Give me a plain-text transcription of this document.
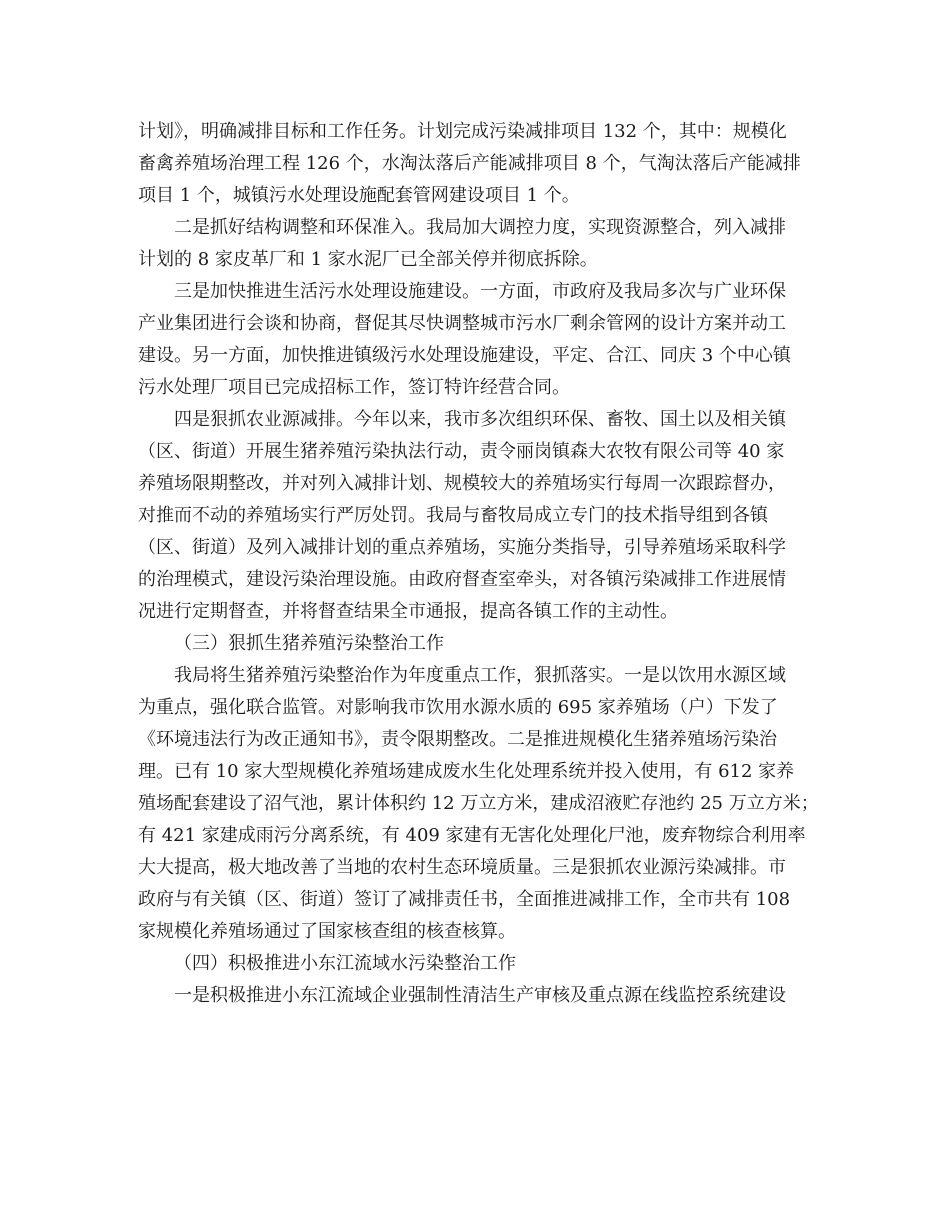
计划》，明确减排目标和工作任务。计划完成污染减排项目 132 个，其中：规模化
畜禽养殖场治理工程 126 个，水淘汰落后产能减排项目 8 个，气淘汰落后产能减排
项目 1 个，城镇污水处理设施配套管网建设项目 1 个。
二是抓好结构调整和环保准入。我局加大调控力度，实现资源整合，列入减排
计划的 8 家皮革厂和 1 家水泥厂已全部关停并彻底拆除。
三是加快推进生活污水处理设施建设。一方面，市政府及我局多次与广业环保
产业集团进行会谈和协商，督促其尽快调整城市污水厂剩余管网的设计方案并动工
建设。另一方面，加快推进镇级污水处理设施建设，平定、合江、同庆 3 个中心镇
污水处理厂项目已完成招标工作，签订特许经营合同。
四是狠抓农业源减排。今年以来，我市多次组织环保、畜牧、国土以及相关镇
（区、街道）开展生猪养殖污染执法行动，责令丽岗镇森大农牧有限公司等 40 家
养殖场限期整改，并对列入减排计划、规模较大的养殖场实行每周一次跟踪督办，
对推而不动的养殖场实行严厉处罚。我局与畜牧局成立专门的技术指导组到各镇
（区、街道）及列入减排计划的重点养殖场，实施分类指导，引导养殖场采取科学
的治理模式，建设污染治理设施。由政府督查室牵头，对各镇污染减排工作进展情
况进行定期督查，并将督查结果全市通报，提高各镇工作的主动性。
（三）狠抓生猪养殖污染整治工作
我局将生猪养殖污染整治作为年度重点工作，狠抓落实。一是以饮用水源区域
为重点，强化联合监管。对影响我市饮用水源水质的 695 家养殖场（户）下发了
《环境违法行为改正通知书》，责令限期整改。二是推进规模化生猪养殖场污染治
理。已有 10 家大型规模化养殖场建成废水生化处理系统并投入使用，有 612 家养
殖场配套建设了沼气池，累计体积约 12 万立方米，建成沼液贮存池约 25 万立方米；
有 421 家建成雨污分离系统，有 409 家建有无害化处理化尸池，废弃物综合利用率
大大提高，极大地改善了当地的农村生态环境质量。三是狠抓农业源污染减排。市
政府与有关镇（区、街道）签订了减排责任书，全面推进减排工作，全市共有 108
家规模化养殖场通过了国家核查组的核查核算。
（四）积极推进小东江流域水污染整治工作
一是积极推进小东江流域企业强制性清洁生产审核及重点源在线监控系统建设
